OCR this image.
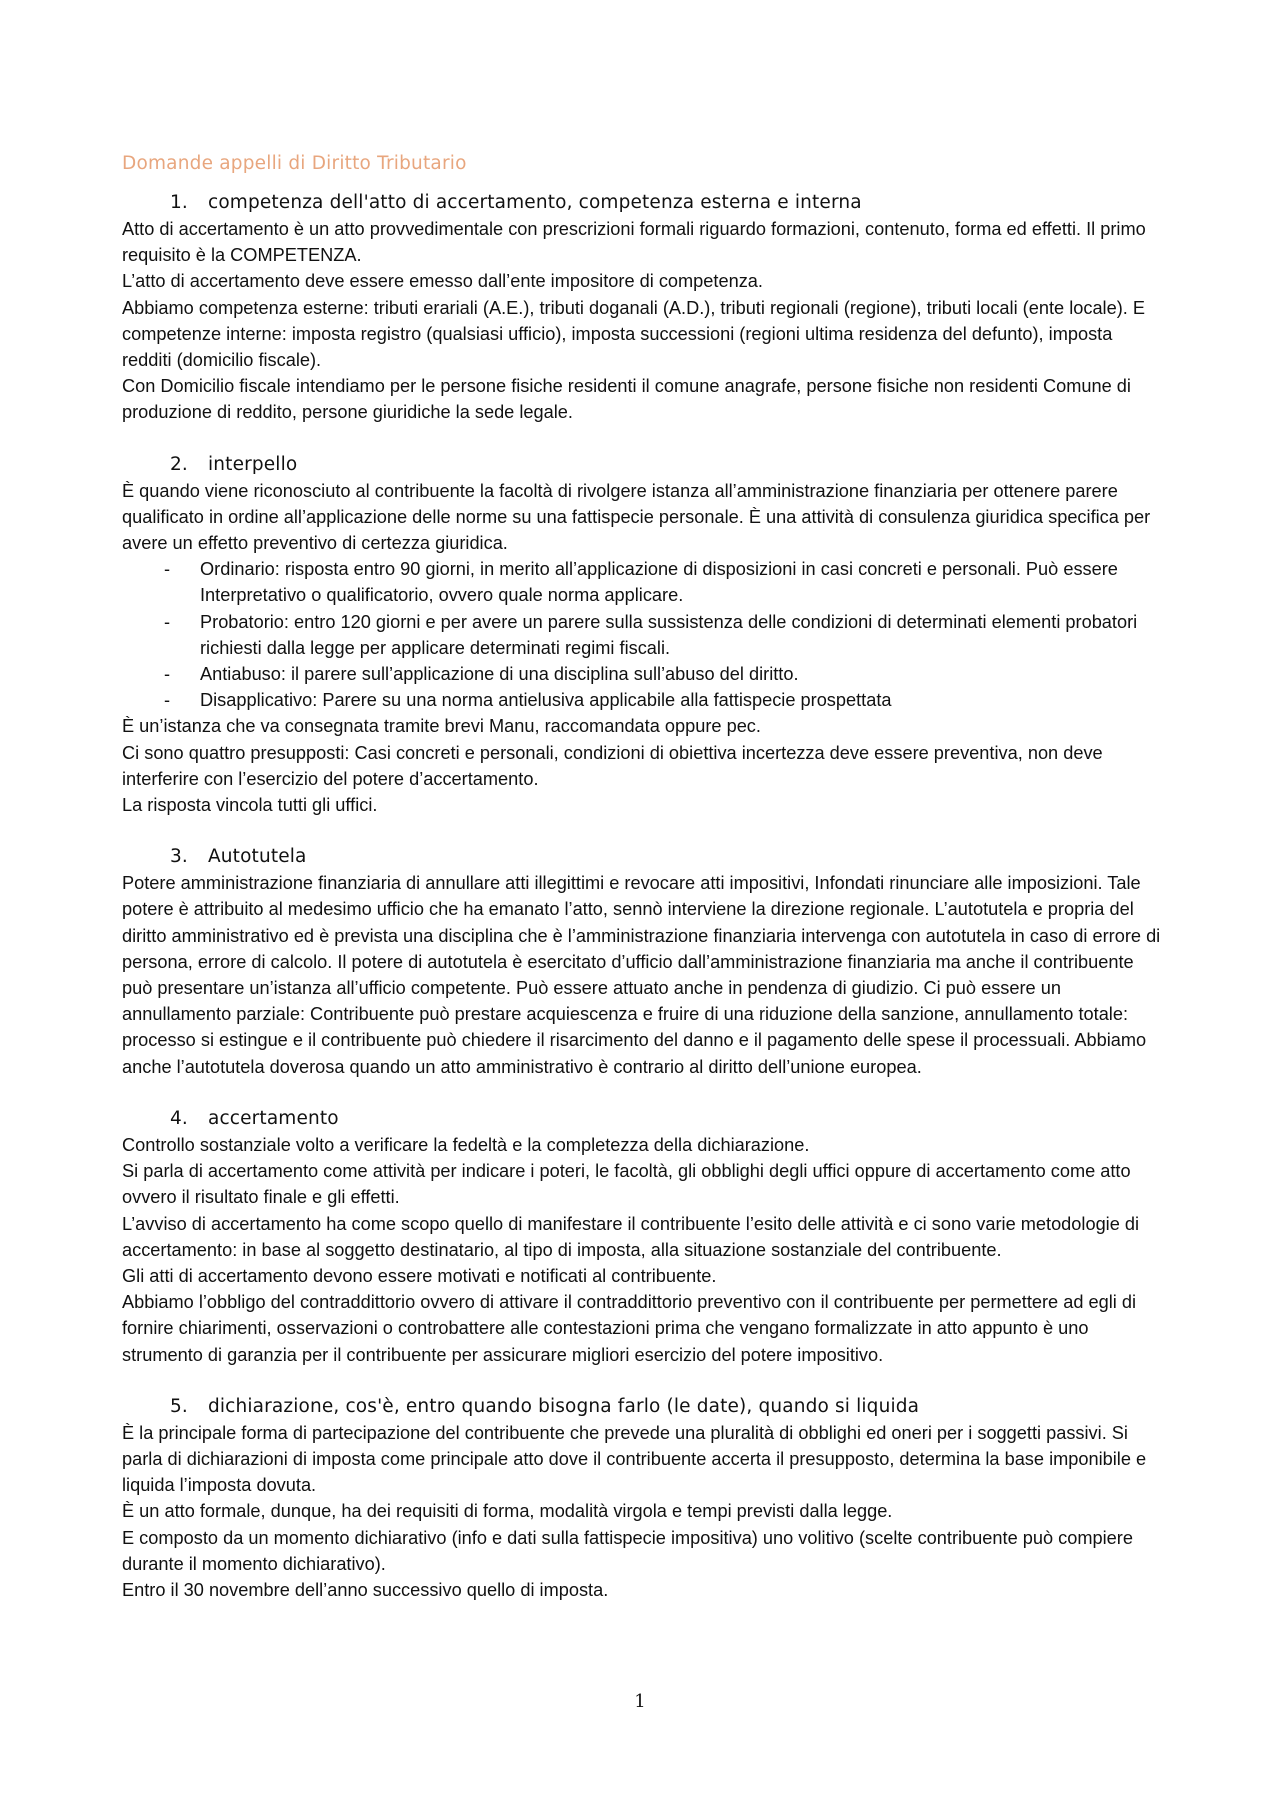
Domande appelli di Diritto Tributario
1.	competenza dell'atto di accertamento, competenza esterna e interna

Atto di accertamento è un atto provvedimentale con prescrizioni formali riguardo formazioni, contenuto, forma ed effetti. Il primo requisito è la COMPETENZA.

L’atto di accertamento deve essere emesso dall’ente impositore di competenza.

Abbiamo competenza esterne: tributi erariali (A.E.), tributi doganali (A.D.), tributi regionali (regione), tributi locali (ente locale). E competenze interne: imposta registro (qualsiasi ufficio), imposta successioni (regioni ultima residenza del defunto), imposta redditi (domicilio fiscale).

Con Domicilio fiscale intendiamo per le persone fisiche residenti il comune anagrafe, persone fisiche non residenti Comune di produzione di reddito, persone giuridiche la sede legale.

2.	interpello

È quando viene riconosciuto al contribuente la facoltà di rivolgere istanza all’amministrazione finanziaria per ottenere parere qualificato in ordine all’applicazione delle norme su una fattispecie personale. È una attività di consulenza giuridica specifica per avere un effetto preventivo di certezza giuridica.

- Ordinario: risposta entro 90 giorni, in merito all’applicazione di disposizioni in casi concreti e personali. Può essere Interpretativo o qualificatorio, ovvero quale norma applicare.
- Probatorio: entro 120 giorni e per avere un parere sulla sussistenza delle condizioni di determinati elementi probatori richiesti dalla legge per applicare determinati regimi fiscali.
- Antiabuso: il parere sull’applicazione di una disciplina sull’abuso del diritto.
- Disapplicativo: Parere su una norma antielusiva applicabile alla fattispecie prospettata

È un’istanza che va consegnata tramite brevi Manu, raccomandata oppure pec.

Ci sono quattro presupposti: Casi concreti e personali, condizioni di obiettiva incertezza deve essere preventiva, non deve interferire con l’esercizio del potere d’accertamento.

La risposta vincola tutti gli uffici.

3.	Autotutela

Potere amministrazione finanziaria di annullare atti illegittimi e revocare atti impositivi, Infondati rinunciare alle imposizioni. Tale potere è attribuito al medesimo ufficio che ha emanato l’atto, sennò interviene la direzione regionale. L’autotutela e propria del diritto amministrativo ed è prevista una disciplina che è l’amministrazione finanziaria intervenga con autotutela in caso di errore di persona, errore di calcolo. Il potere di autotutela è esercitato d’ufficio dall’amministrazione finanziaria ma anche il contribuente può presentare un’istanza all’ufficio competente. Può essere attuato anche in pendenza di giudizio. Ci può essere un annullamento parziale: Contribuente può prestare acquiescenza e fruire di una riduzione della sanzione, annullamento totale: processo si estingue e il contribuente può chiedere il risarcimento del danno e il pagamento delle spese il processuali. Abbiamo anche l’autotutela doverosa quando un atto amministrativo è contrario al diritto dell’unione europea.

4.	accertamento

Controllo sostanziale volto a verificare la fedeltà e la completezza della dichiarazione.

Si parla di accertamento come attività per indicare i poteri, le facoltà, gli obblighi degli uffici oppure di accertamento come atto ovvero il risultato finale e gli effetti.

L’avviso di accertamento ha come scopo quello di manifestare il contribuente l’esito delle attività e ci sono varie metodologie di accertamento: in base al soggetto destinatario, al tipo di imposta, alla situazione sostanziale del contribuente.

Gli atti di accertamento devono essere motivati e notificati al contribuente.

Abbiamo l’obbligo del contraddittorio ovvero di attivare il contraddittorio preventivo con il contribuente per permettere ad egli di fornire chiarimenti, osservazioni o controbattere alle contestazioni prima che vengano formalizzate in atto appunto è uno strumento di garanzia per il contribuente per assicurare migliori esercizio del potere impositivo.

5.	dichiarazione, cos'è, entro quando bisogna farlo (le date), quando si liquida

È la principale forma di partecipazione del contribuente che prevede una pluralità di obblighi ed oneri per i soggetti passivi. Si parla di dichiarazioni di imposta come principale atto dove il contribuente accerta il presupposto, determina la base imponibile e liquida l’imposta dovuta.

È un atto formale, dunque, ha dei requisiti di forma, modalità virgola e tempi previsti dalla legge.

E composto da un momento dichiarativo (info e dati sulla fattispecie impositiva) uno volitivo (scelte contribuente può compiere durante il momento dichiarativo).

Entro il 30 novembre dell’anno successivo quello di imposta.

1
